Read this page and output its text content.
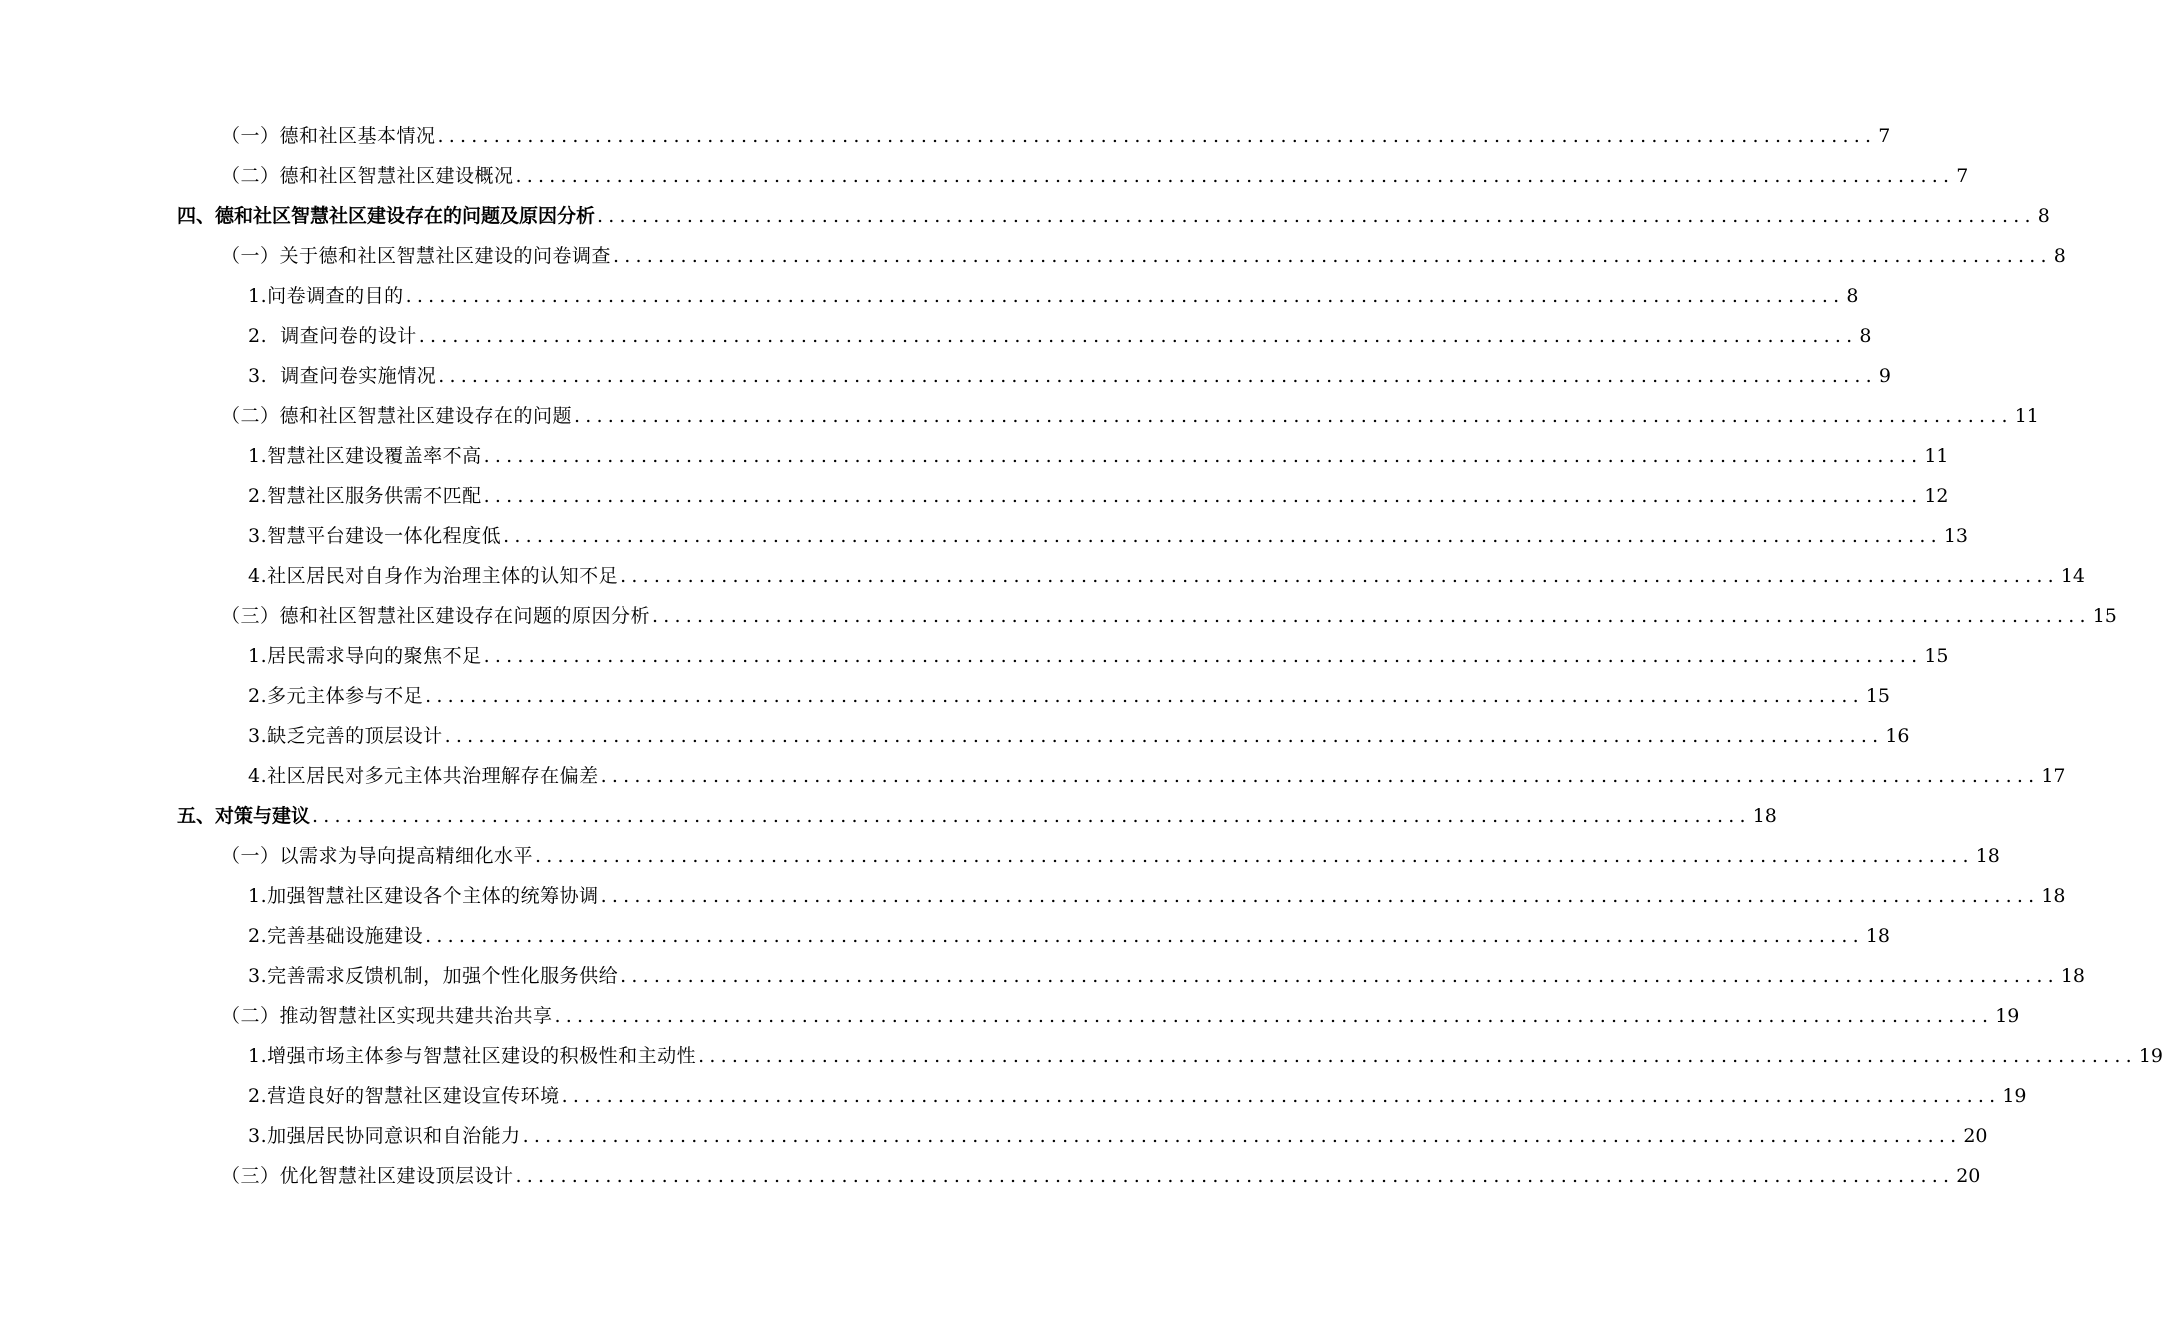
（一）德和社区基本情况 ................................................................................................................................ 7
（二）德和社区智慧社区建设概况 ................................................................................................................................ 7
四、德和社区智慧社区建设存在的问题及原因分析 ................................................................................................................................ 8
（一）关于德和社区智慧社区建设的问卷调查 ................................................................................................................................ 8
1.问卷调查的目的 ................................................................................................................................ 8
2.  调查问卷的设计 ................................................................................................................................ 8
3.  调查问卷实施情况 ................................................................................................................................ 9
（二）德和社区智慧社区建设存在的问题 ................................................................................................................................ 11
1.智慧社区建设覆盖率不高 ................................................................................................................................ 11
2.智慧社区服务供需不匹配 ................................................................................................................................ 12
3.智慧平台建设一体化程度低 ................................................................................................................................ 13
4.社区居民对自身作为治理主体的认知不足 ................................................................................................................................ 14
（三）德和社区智慧社区建设存在问题的原因分析 ................................................................................................................................ 15
1.居民需求导向的聚焦不足 ................................................................................................................................ 15
2.多元主体参与不足 ................................................................................................................................ 15
3.缺乏完善的顶层设计 ................................................................................................................................ 16
4.社区居民对多元主体共治理解存在偏差 ................................................................................................................................ 17
五、对策与建议 ................................................................................................................................ 18
（一）以需求为导向提高精细化水平 ................................................................................................................................ 18
1.加强智慧社区建设各个主体的统筹协调 ................................................................................................................................ 18
2.完善基础设施建设 ................................................................................................................................ 18
3.完善需求反馈机制，加强个性化服务供给 ................................................................................................................................ 18
（二）推动智慧社区实现共建共治共享 ................................................................................................................................ 19
1.增强市场主体参与智慧社区建设的积极性和主动性 ................................................................................................................................ 19
2.营造良好的智慧社区建设宣传环境 ................................................................................................................................ 19
3.加强居民协同意识和自治能力 ................................................................................................................................ 20
（三）优化智慧社区建设顶层设计 ................................................................................................................................ 20
